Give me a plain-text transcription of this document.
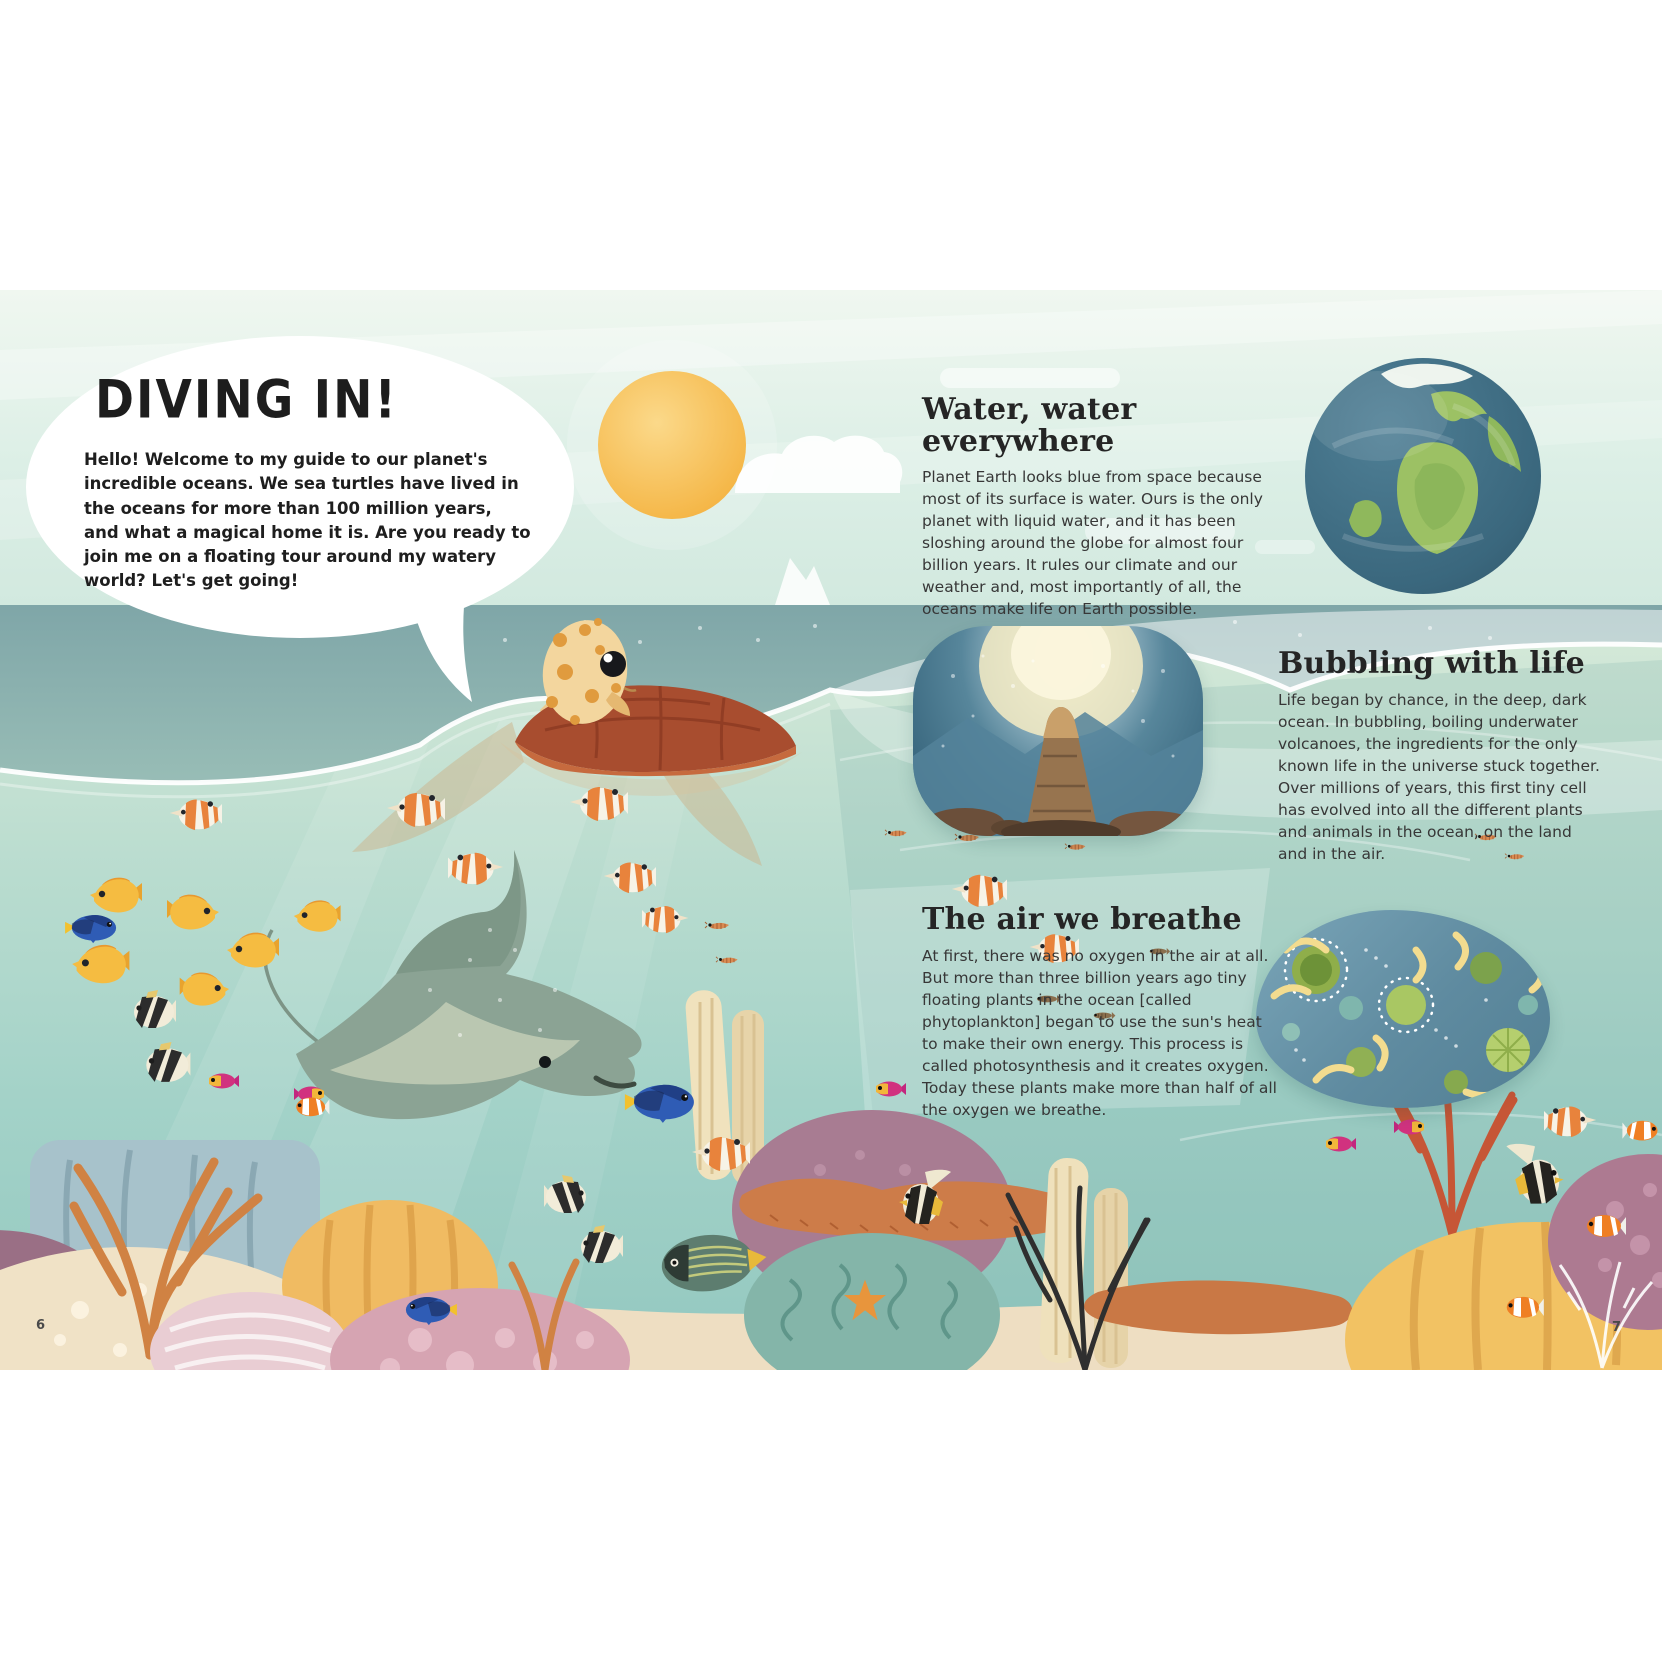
DIVING IN!
Hello! Welcome to my guide to our planet's incredible oceans. We sea turtles have lived in the oceans for more than 100 million years, and what a magical home it is. Are you ready to join me on a floating tour around my watery world? Let's get going!
Water, water everywhere

Planet Earth looks blue from space because most of its surface is water. Ours is the only planet with liquid water, and it has been sloshing around the globe for almost four billion years. It rules our climate and our weather and, most importantly of all, the oceans make life on Earth possible.

Bubbling with life

Life began by chance, in the deep, dark ocean. In bubbling, boiling underwater volcanoes, the ingredients for the only known life in the universe stuck together. Over millions of years, this first tiny cell has evolved into all the different plants and animals in the ocean, on the land and in the air.

The air we breathe

At first, there was no oxygen in the air at all. But more than three billion years ago tiny floating plants in the ocean [called phytoplankton] began to use the sun's heat to make their own energy. This process is called photosynthesis and it creates oxygen. Today these plants make more than half of all the oxygen we breathe.

6	7
